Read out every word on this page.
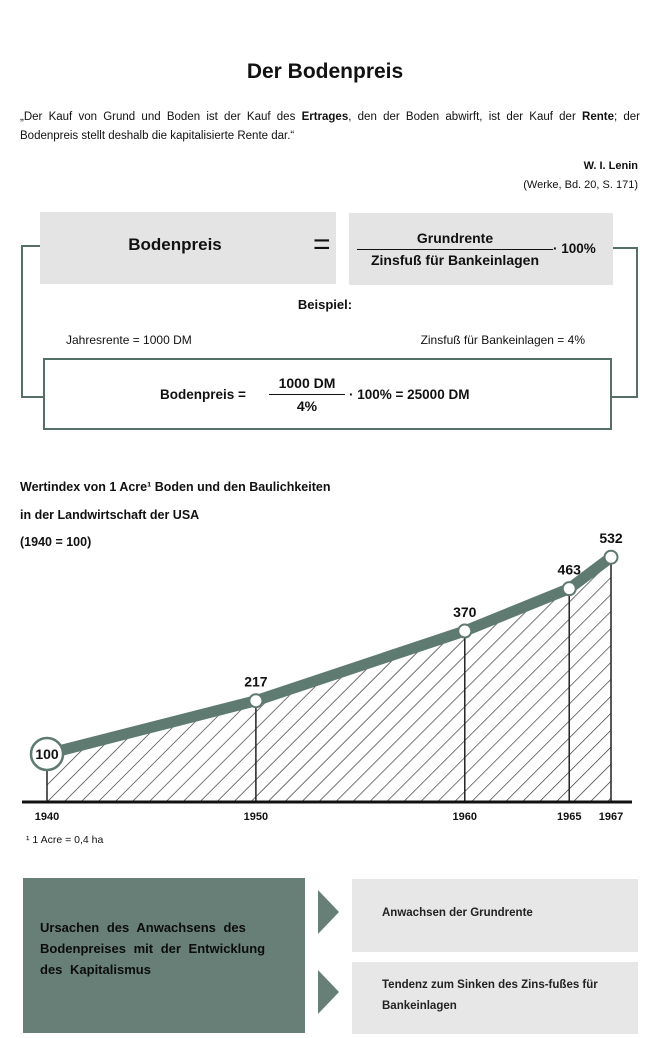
Der Bodenpreis
„Der Kauf von Grund und Boden ist der Kauf des Ertrages, den der Boden abwirft, ist der Kauf der Rente; der Bodenpreis stellt deshalb die kapitalisierte Rente dar.“
W. I. Lenin
(Werke, Bd. 20, S. 171)
Bodenpreis	=	Grundrente
Zinsfuß für Bankeinlagen
· 100%
Beispiel:
Jahresrente = 1000 DM	Zinsfuß für Bankeinlagen = 4%
Bodenpreis =
1000 DM
4%
· 100% = 25000 DM
Wertindex von 1 Acre¹ Boden und den Baulichkeiten
in der Landwirtschaft der USA
(1940 = 100)
100
1940
217
1950
370
1960
463
1965
532
1967
¹ 1 Acre = 0,4 ha
Ursachen des Anwachsens des Bodenpreises mit der Entwicklung des Kapitalismus
Anwachsen der Grundrente
Tendenz zum Sinken des Zins-fußes für Bankeinlagen
